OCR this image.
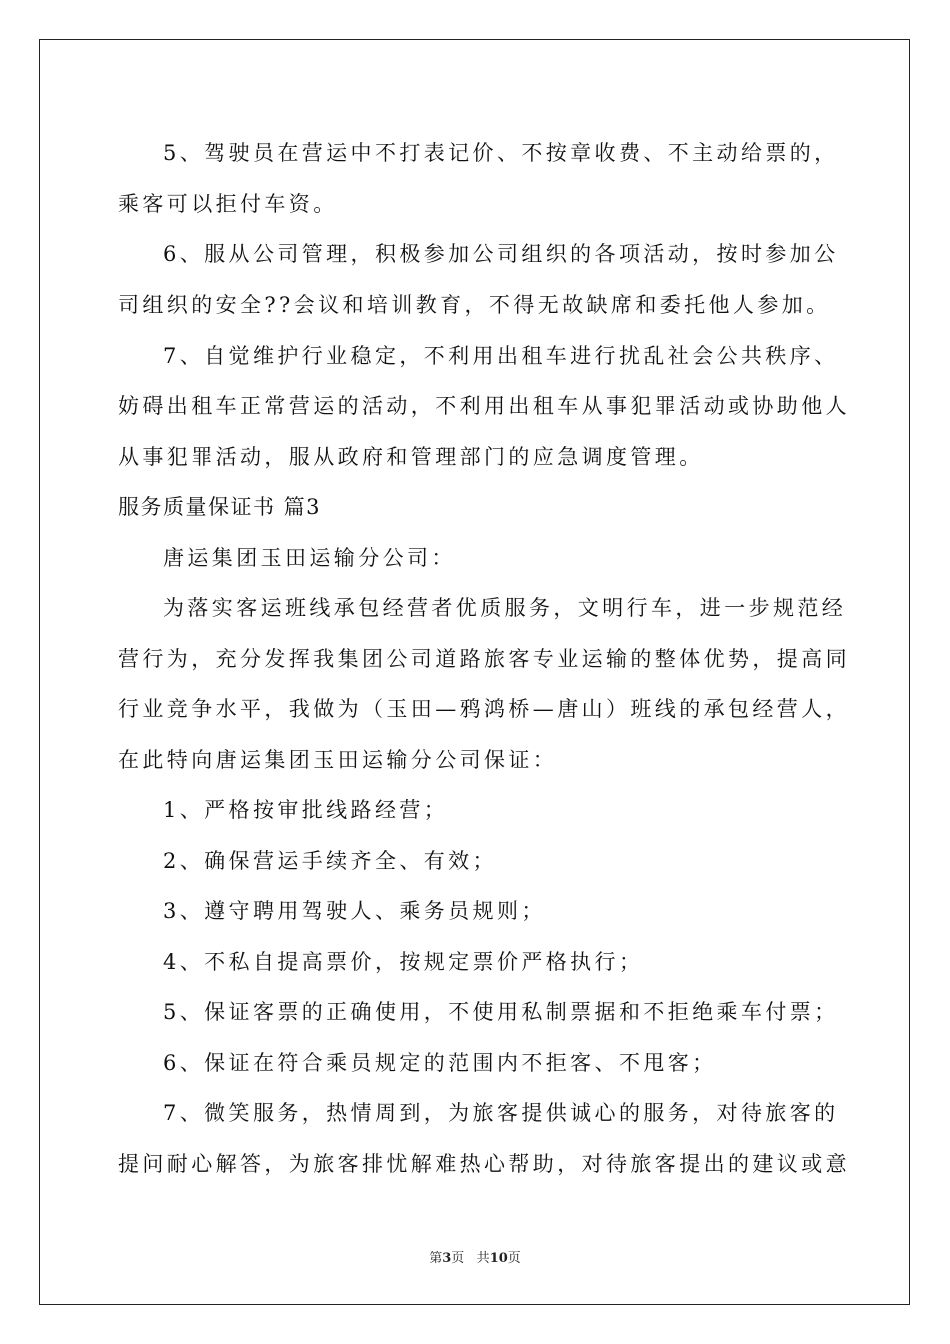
5、驾驶员在营运中不打表记价、不按章收费、不主动给票的，
乘客可以拒付车资。
6、服从公司管理，积极参加公司组织的各项活动，按时参加公
司组织的安全??会议和培训教育，不得无故缺席和委托他人参加。
7、自觉维护行业稳定，不利用出租车进行扰乱社会公共秩序、
妨碍出租车正常营运的活动，不利用出租车从事犯罪活动或协助他人
从事犯罪活动，服从政府和管理部门的应急调度管理。
服务质量保证书 篇3
唐运集团玉田运输分公司：
为落实客运班线承包经营者优质服务，文明行车，进一步规范经
营行为，充分发挥我集团公司道路旅客专业运输的整体优势，提高同
行业竞争水平，我做为（玉田—鸦鸿桥—唐山）班线的承包经营人，
在此特向唐运集团玉田运输分公司保证：
1、严格按审批线路经营；
2、确保营运手续齐全、有效；
3、遵守聘用驾驶人、乘务员规则；
4、不私自提高票价，按规定票价严格执行；
5、保证客票的正确使用，不使用私制票据和不拒绝乘车付票；
6、保证在符合乘员规定的范围内不拒客、不甩客；
7、微笑服务，热情周到，为旅客提供诚心的服务，对待旅客的
提问耐心解答，为旅客排忧解难热心帮助，对待旅客提出的建议或意
第3页 共10页
